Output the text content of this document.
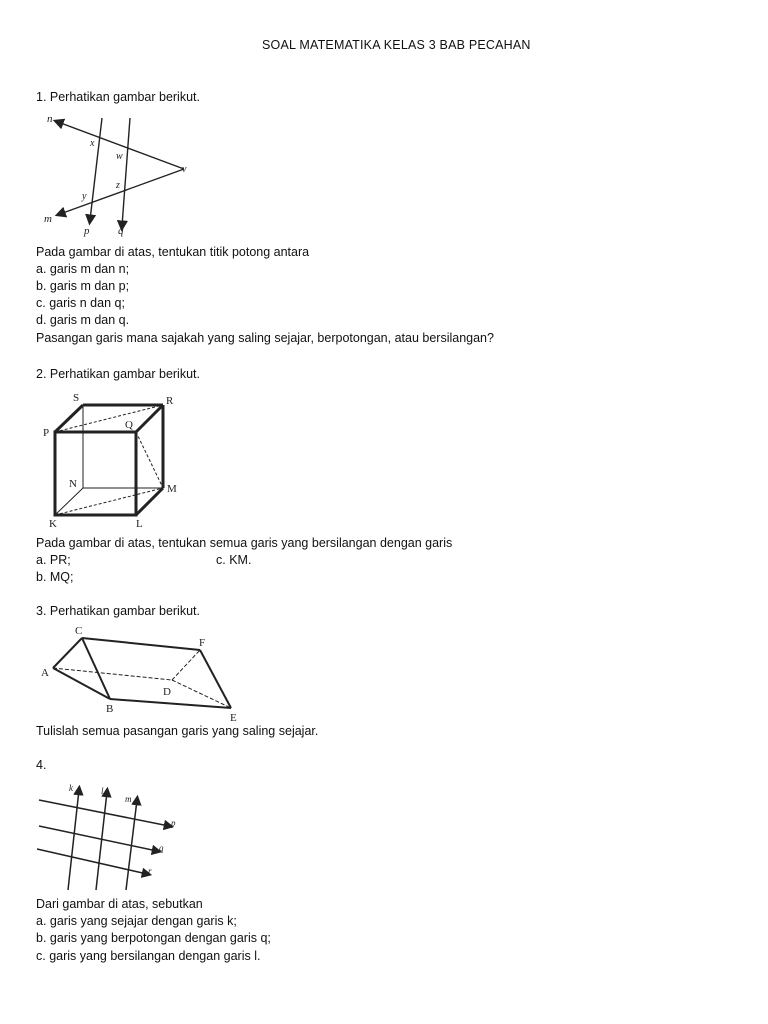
SOAL MATEMATIKA KELAS 3 BAB PECAHAN
1. Perhatikan gambar berikut.
n
m
x
w
v
y
z
p	q
Pada gambar di atas, tentukan titik potong antara
a. garis m dan n;
b. garis m dan p;
c. garis n dan q;
d. garis m dan q.
Pasangan garis mana sajakah yang saling sejajar, berpotongan, atau bersilangan?
2. Perhatikan gambar berikut.
S	R
P
Q
N	M
K	L
Pada gambar di atas, tentukan semua garis yang bersilangan dengan garis
a. PR;	c. KM.
b. MQ;
3. Perhatikan gambar berikut.
C
F
A
D
B
E
Tulislah semua pasangan garis yang saling sejajar.
4.
k	l
m
p
q
r
Dari gambar di atas, sebutkan
a. garis yang sejajar dengan garis k;
b. garis yang berpotongan dengan garis q;
c. garis yang bersilangan dengan garis l.
